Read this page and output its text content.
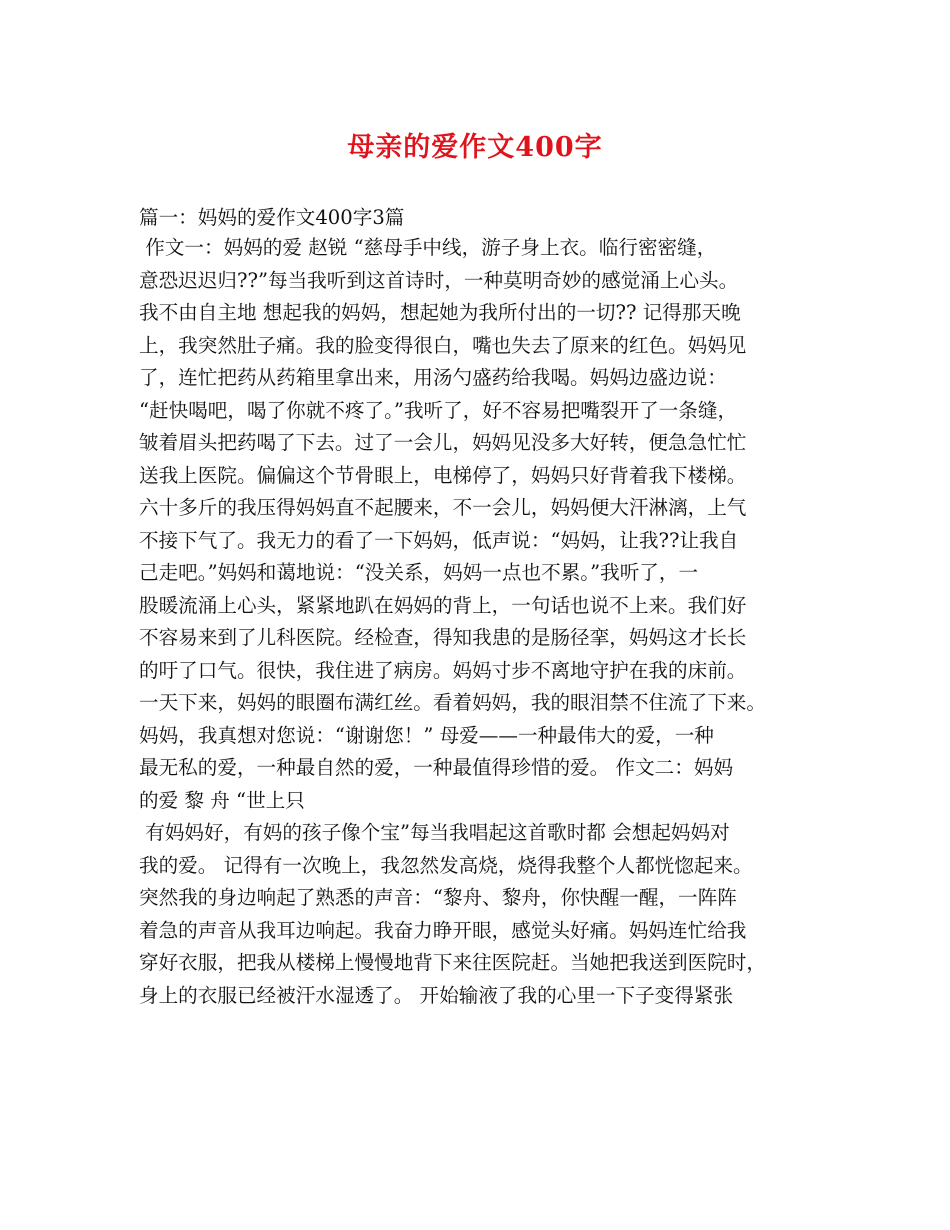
母亲的爱作文400字
篇一：妈妈的爱作文400字3篇
作文一：妈妈的爱 赵锐 “慈母手中线，游子身上衣。临行密密缝，
意恐迟迟归??”每当我听到这首诗时，一种莫明奇妙的感觉涌上心头。
我不由自主地 想起我的妈妈，想起她为我所付出的一切?? 记得那天晚
上，我突然肚子痛。我的脸变得很白，嘴也失去了原来的红色。妈妈见
了，连忙把药从药箱里拿出来，用汤勺盛药给我喝。妈妈边盛边说：
“赶快喝吧，喝了你就不疼了。”我听了，好不容易把嘴裂开了一条缝，
皱着眉头把药喝了下去。过了一会儿，妈妈见没多大好转，便急急忙忙
送我上医院。偏偏这个节骨眼上，电梯停了，妈妈只好背着我下楼梯。
六十多斤的我压得妈妈直不起腰来，不一会儿，妈妈便大汗淋漓，上气
不接下气了。我无力的看了一下妈妈，低声说：“妈妈，让我??让我自
己走吧。”妈妈和蔼地说：“没关系，妈妈一点也不累。”我听了，一
股暖流涌上心头，紧紧地趴在妈妈的背上，一句话也说不上来。我们好
不容易来到了儿科医院。经检查，得知我患的是肠径挛，妈妈这才长长
的吁了口气。很快，我住进了病房。妈妈寸步不离地守护在我的床前。
一天下来，妈妈的眼圈布满红丝。看着妈妈，我的眼泪禁不住流了下来。
妈妈，我真想对您说：“谢谢您！” 母爱——一种最伟大的爱，一种
最无私的爱，一种最自然的爱，一种最值得珍惜的爱。 作文二：妈妈
的爱 黎 舟 “世上只
有妈妈好，有妈的孩子像个宝”每当我唱起这首歌时都 会想起妈妈对
我的爱。 记得有一次晚上，我忽然发高烧，烧得我整个人都恍惚起来。
突然我的身边响起了熟悉的声音：“黎舟、黎舟，你快醒一醒，一阵阵
着急的声音从我耳边响起。我奋力睁开眼，感觉头好痛。妈妈连忙给我
穿好衣服，把我从楼梯上慢慢地背下来往医院赶。当她把我送到医院时，
身上的衣服已经被汗水湿透了。 开始输液了我的心里一下子变得紧张
